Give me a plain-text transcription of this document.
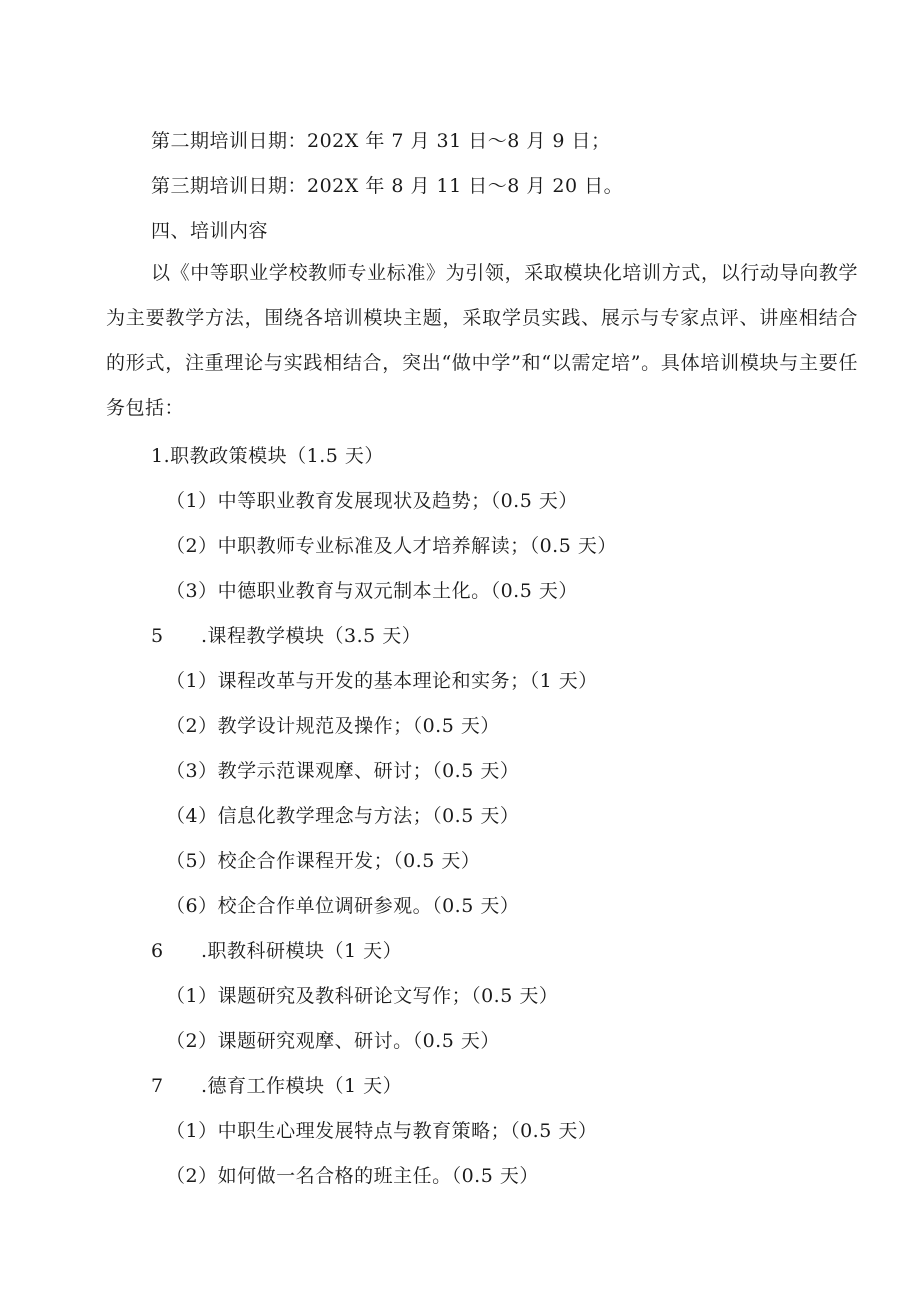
第二期培训日期：202X 年 7 月 31 日～8 月 9 日；
第三期培训日期：202X 年 8 月 11 日～8 月 20 日。
四、培训内容
以《中等职业学校教师专业标准》为引领，采取模块化培训方式，以行动导向教学为主要教学方法，围绕各培训模块主题，采取学员实践、展示与专家点评、讲座相结合的形式，注重理论与实践相结合，突出“做中学”和“以需定培”。具体培训模块与主要任务包括：
1.职教政策模块（1.5 天）
（1）中等职业教育发展现状及趋势；（0.5 天）
（2）中职教师专业标准及人才培养解读；（0.5 天）
（3）中德职业教育与双元制本土化。（0.5 天）
5 .课程教学模块（3.5 天）
（1）课程改革与开发的基本理论和实务；（1 天）
（2）教学设计规范及操作；（0.5 天）
（3）教学示范课观摩、研讨；（0.5 天）
（4）信息化教学理念与方法；（0.5 天）
（5）校企合作课程开发；（0.5 天）
（6）校企合作单位调研参观。（0.5 天）
6 .职教科研模块（1 天）
（1）课题研究及教科研论文写作；（0.5 天）
（2）课题研究观摩、研讨。（0.5 天）
7 .德育工作模块（1 天）
（1）中职生心理发展特点与教育策略；（0.5 天）
（2）如何做一名合格的班主任。（0.5 天）
